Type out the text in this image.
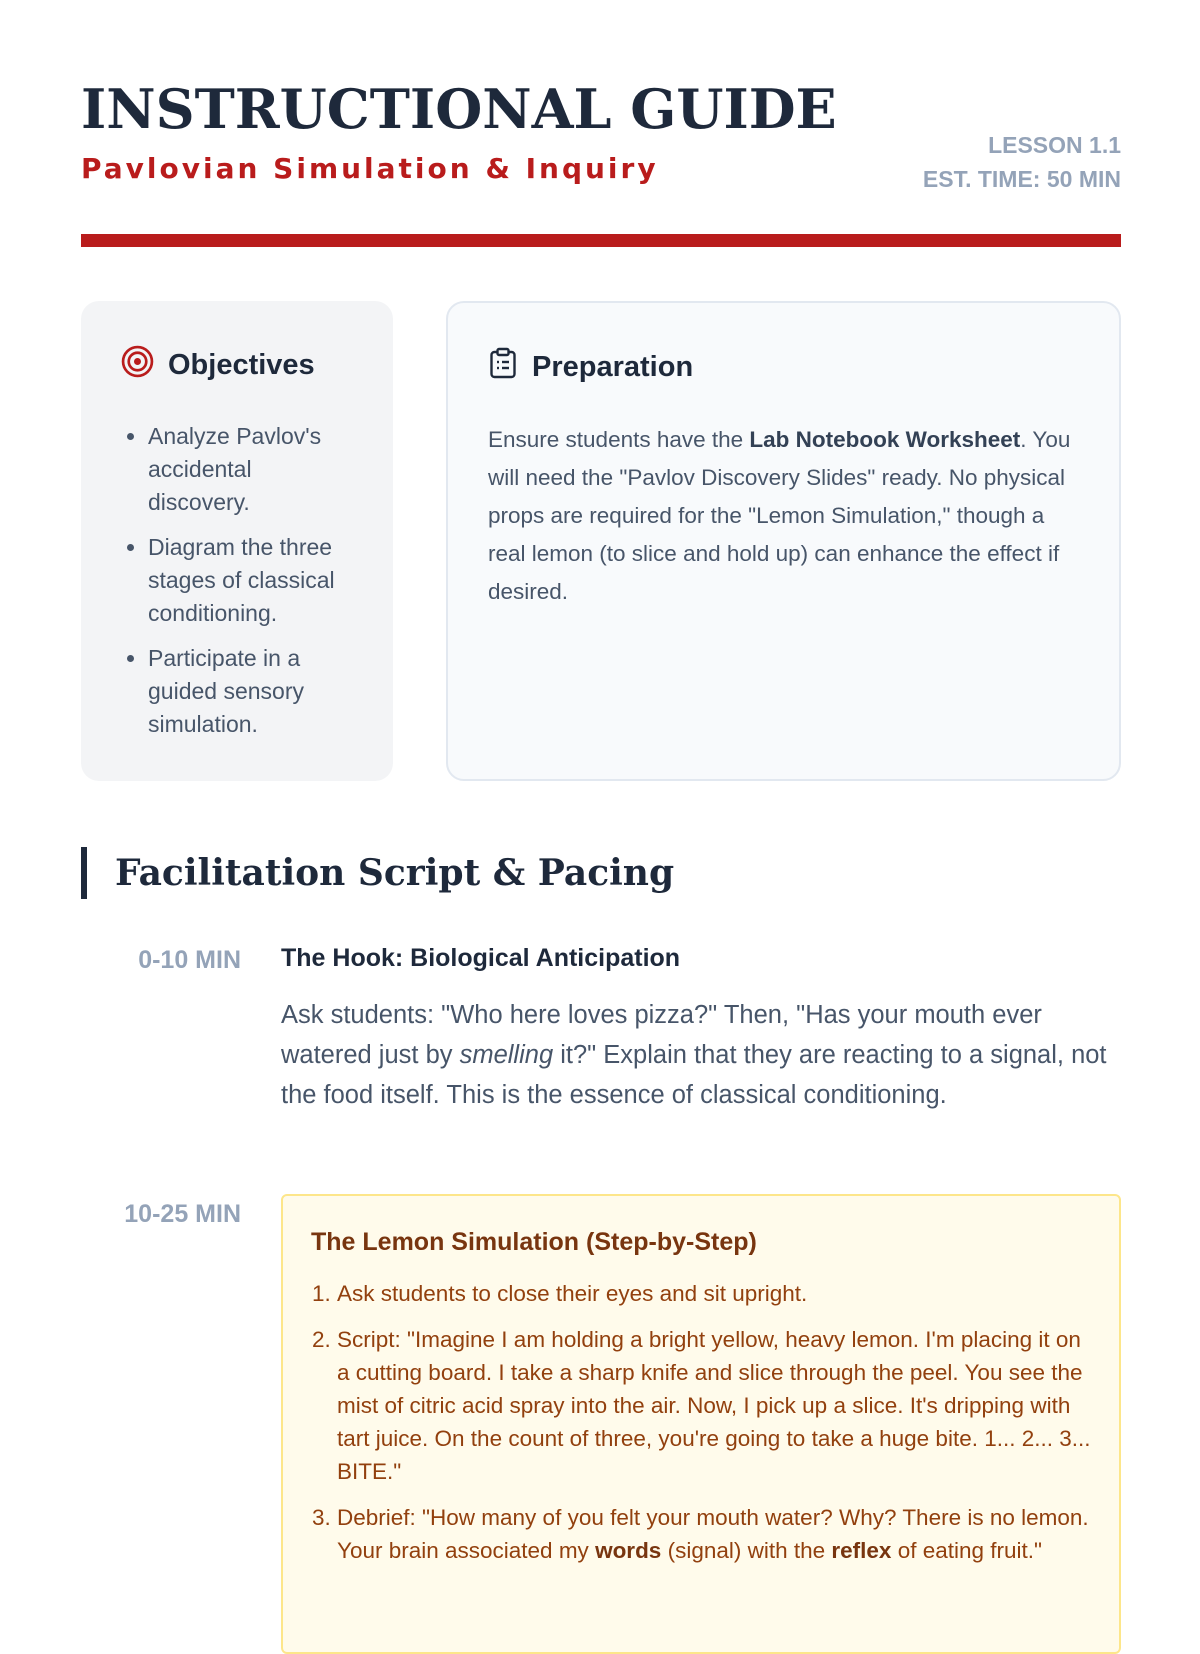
INSTRUCTIONAL GUIDE
Pavlovian Simulation & Inquiry
LESSON 1.1
EST. TIME: 50 MIN
Objectives
• Analyze Pavlov's accidental discovery.
• Diagram the three stages of classical conditioning.
• Participate in a guided sensory simulation.
Preparation

Ensure students have the Lab Notebook Worksheet. You will need the "Pavlov Discovery Slides" ready. No physical props are required for the "Lemon Simulation," though a real lemon (to slice and hold up) can enhance the effect if desired.

Facilitation Script & Pacing
0-10 MIN The Hook: Biological Anticipation

Ask students: "Who here loves pizza?" Then, "Has your mouth ever watered just by smelling it?" Explain that they are reacting to a signal, not the food itself. This is the essence of classical conditioning.

10-25 MIN
The Lemon Simulation (Step-by-Step)
1. Ask students to close their eyes and sit upright.
2. Script: "Imagine I am holding a bright yellow, heavy lemon. I'm placing it on a cutting board. I take a sharp knife and slice through the peel. You see the mist of citric acid spray into the air. Now, I pick up a slice. It's dripping with tart juice. On the count of three, you're going to take a huge bite. 1... 2... 3... BITE."
3. Debrief: "How many of you felt your mouth water? Why? There is no lemon. Your brain associated my words (signal) with the reflex of eating fruit."
